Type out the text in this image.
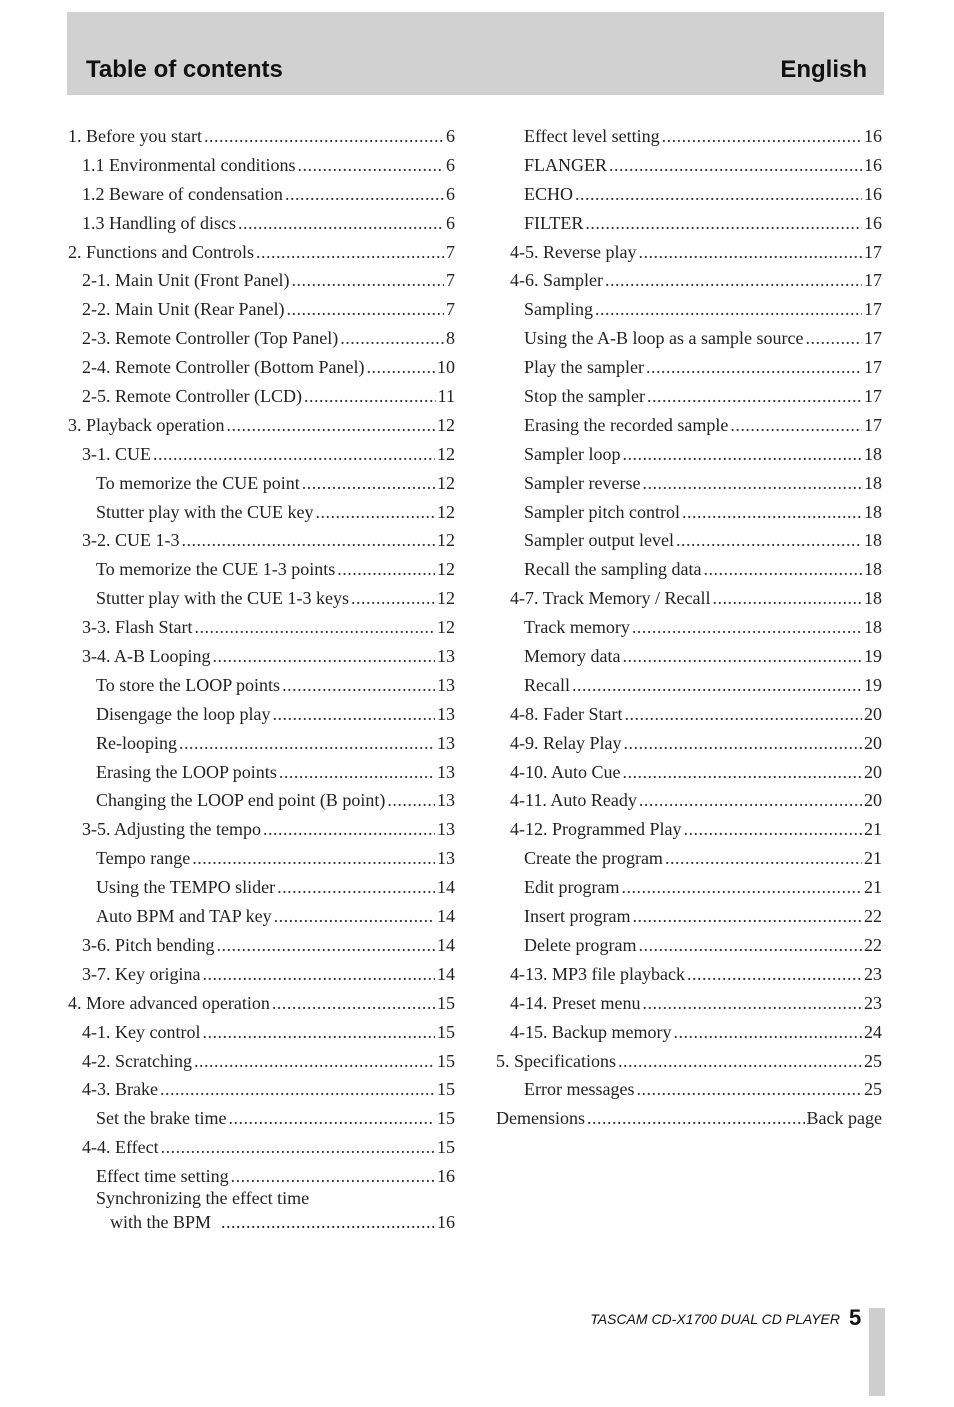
Table of contents	English
1. Before you start .....	6
1.1 Environmental conditions .....	6
1.2 Beware of condensation .....	6
1.3 Handling of discs .....	6
2. Functions and Controls .....	7
2-1. Main Unit (Front Panel) .....	7
2-2. Main Unit (Rear Panel) .....	7
2-3. Remote Controller (Top Panel) .....	8
2-4. Remote Controller (Bottom Panel) .....	10
2-5. Remote Controller (LCD) .....	11
3. Playback operation .....	12
3-1. CUE .....	12
To memorize the CUE point .....	12
Stutter play with the CUE key .....	12
3-2. CUE 1-3 .....	12
To memorize the CUE 1-3 points .....	12
Stutter play with the CUE 1-3 keys .....	12
3-3. Flash Start .....	12
3-4. A-B Looping .....	13
To store the LOOP points .....	13
Disengage the loop play .....	13
Re-looping .....	13
Erasing the LOOP points .....	13
Changing the LOOP end point (B point) .....	13
3-5. Adjusting the tempo .....	13
Tempo range .....	13
Using the TEMPO slider .....	14
Auto BPM and TAP key .....	14
3-6. Pitch bending .....	14
3-7. Key origina .....	14
4. More advanced operation .....	15
4-1. Key control .....	15
4-2. Scratching .....	15
4-3. Brake .....	15
Set the brake time .....	15
4-4. Effect .....	15
Effect time setting .....	16
Synchronizing the effect time
with the BPM .....	16
Effect level setting .....	16
FLANGER .....	16
ECHO .....	16
FILTER .....	16
4-5. Reverse play .....	17
4-6. Sampler .....	17
Sampling .....	17
Using the A-B loop as a sample source .....	17
Play the sampler .....	17
Stop the sampler .....	17
Erasing the recorded sample .....	17
Sampler loop .....	18
Sampler reverse .....	18
Sampler pitch control .....	18
Sampler output level .....	18
Recall the sampling data .....	18
4-7. Track Memory / Recall .....	18
Track memory .....	18
Memory data .....	19
Recall .....	19
4-8. Fader Start .....	20
4-9. Relay Play .....	20
4-10. Auto Cue .....	20
4-11. Auto Ready .....	20
4-12. Programmed Play .....	21
Create the program .....	21
Edit program .....	21
Insert program .....	22
Delete program .....	22
4-13. MP3 file playback .....	23
4-14. Preset menu .....	23
4-15. Backup memory .....	24
5. Specifications .....	25
Error messages .....	25
Demensions .....	Back page
TASCAM CD-X1700 DUAL CD PLAYER 5
